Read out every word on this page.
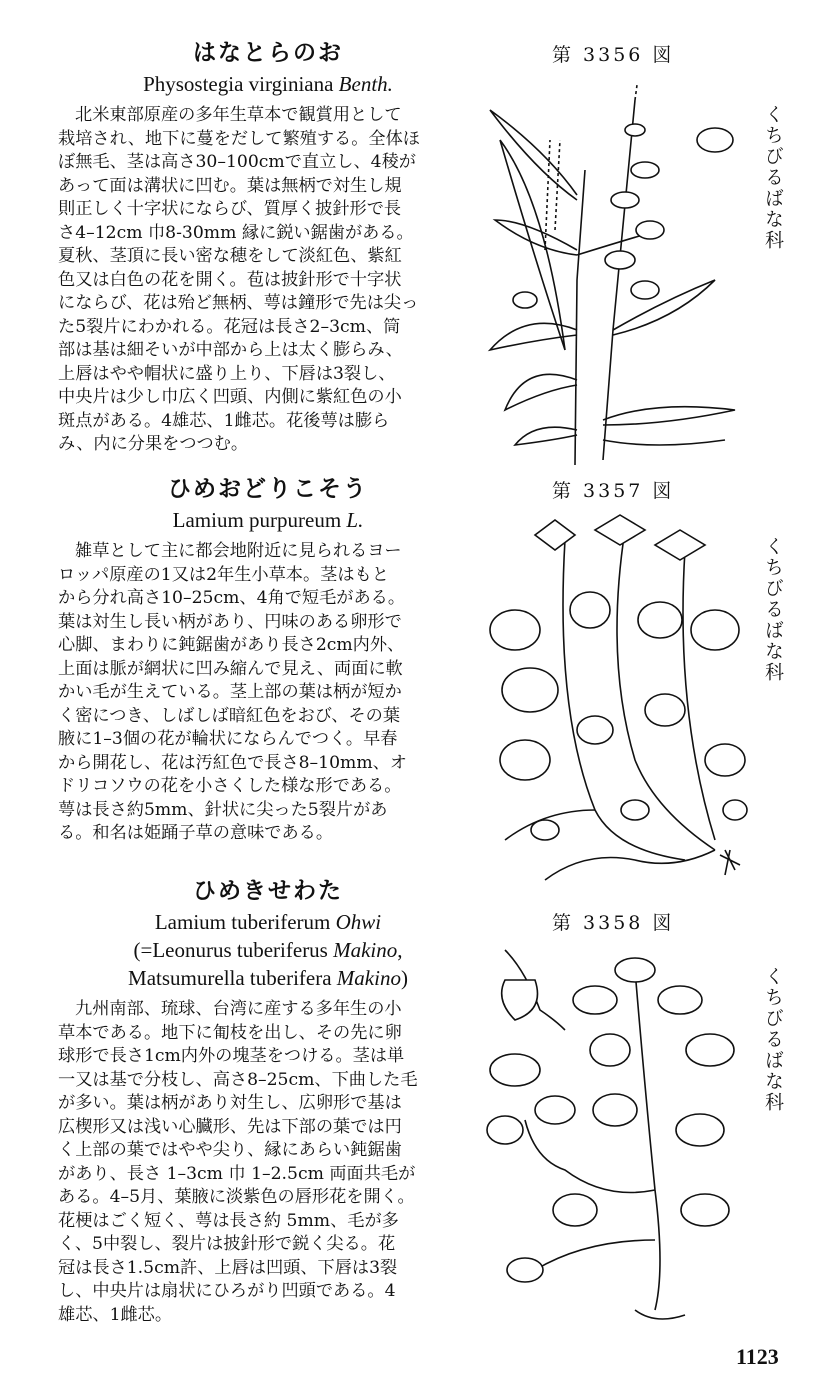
はなとらのお
Physostegia virginiana Benth.
北米東部原産の多年生草本で観賞用として
栽培され、地下に蔓をだして繁殖する。全体ほ
ぼ無毛、茎は高さ30–100cmで直立し、4稜が
あって面は溝状に凹む。葉は無柄で対生し規
則正しく十字状にならび、質厚く披針形で長
さ4–12cm 巾8-30mm 縁に鋭い鋸歯がある。
夏秋、茎頂に長い密な穂をして淡紅色、紫紅
色又は白色の花を開く。苞は披針形で十字状
にならび、花は殆ど無柄、萼は鐘形で先は尖っ
た5裂片にわかれる。花冠は長さ2–3cm、筒
部は基は細そいが中部から上は太く膨らみ、
上唇はやや帽状に盛り上り、下唇は3裂し、
中央片は少し巾広く凹頭、内側に紫紅色の小
斑点がある。4雄芯、1雌芯。花後萼は膨ら
み、内に分果をつつむ。
ひめおどりこそう
Lamium purpureum L.
雑草として主に都会地附近に見られるヨー
ロッパ原産の1又は2年生小草本。茎はもと
から分れ高さ10–25cm、4角で短毛がある。
葉は対生し長い柄があり、円味のある卵形で
心脚、まわりに鈍鋸歯があり長さ2cm内外、
上面は脈が網状に凹み縮んで見え、両面に軟
かい毛が生えている。茎上部の葉は柄が短か
く密につき、しばしば暗紅色をおび、その葉
腋に1–3個の花が輪状にならんでつく。早春
から開花し、花は汚紅色で長さ8–10mm、オ
ドリコソウの花を小さくした様な形である。
萼は長さ約5mm、針状に尖った5裂片があ
る。和名は姫踊子草の意味である。
ひめきせわた
Lamium tuberiferum Ohwi
(=Leonurus tuberiferus Makino,
Matsumurella tuberifera Makino)
九州南部、琉球、台湾に産する多年生の小
草本である。地下に匍枝を出し、その先に卵
球形で長さ1cm内外の塊茎をつける。茎は単
一又は基で分枝し、高さ8–25cm、下曲した毛
が多い。葉は柄があり対生し、広卵形で基は
広楔形又は浅い心臓形、先は下部の葉では円
く上部の葉ではやや尖り、縁にあらい鈍鋸歯
があり、長さ 1–3cm 巾 1–2.5cm 両面共毛が
ある。4–5月、葉腋に淡紫色の唇形花を開く。
花梗はごく短く、萼は長さ約 5mm、毛が多
く、5中裂し、裂片は披針形で鋭く尖る。花
冠は長さ1.5cm許、上唇は凹頭、下唇は3裂
し、中央片は扇状にひろがり凹頭である。4
雄芯、1雌芯。
第 3356 図
第 3357 図
第 3358 図
くちびるばな科
くちびるばな科
くちびるばな科
1123
